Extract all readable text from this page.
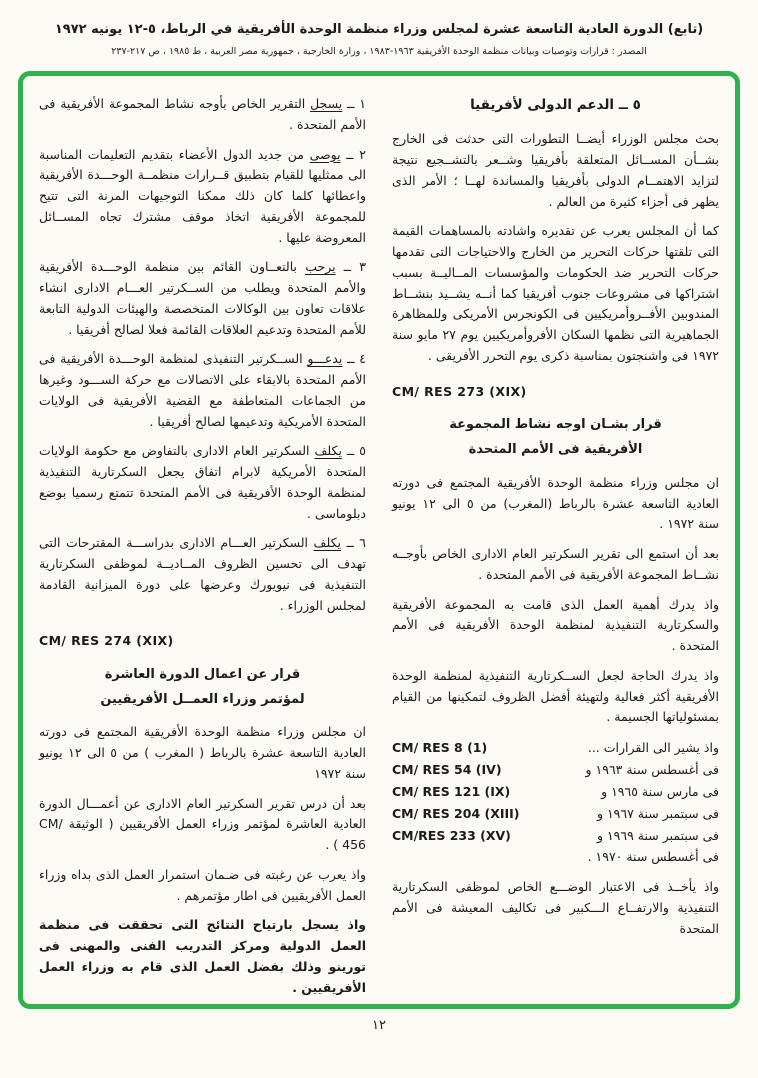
(تابع) الدورة العادية التاسعة عشرة لمجلس وزراء منظمة الوحدة الأفريقية في الرباط، ٥-١٢ يونيه ١٩٧٢
المصدر : قرارات وتوصيات وبيانات منظمة الوحدة الأفريقية ١٩٦٣-١٩٨٣ ، وزارة الخارجية ، جمهورية مصر العربية ، ط ١٩٨٥ ، ص ٢١٧-٢٣٧
٥ ــ الدعم الدولى لأفريقيا

بحث مجلس الوزراء أيضــا التطورات التى حدثت فى الخارج بشــأن المســائل المتعلقة بأفريقيا وشــعر بالتشــجيع نتيجة لتزايد الاهتمــام الدولى بأفريقيا والمساندة لهــا ؛ الأمر الذى يظهر فى أجزاء كثيرة من العالم .

كما أن المجلس يعرب عن تقديره واشادته بالمساهمات القيمة التى تلقتها حركات التحرير من الخارج والاحتياجات التى تقدمها حركات التحرير ضد الحكومات والمؤسسات المــاليــة بسبب اشتراكها فى مشروعات جنوب أفريقيا كما أنــه يشــيد بنشــاط المندوبين الأفــروأمريكيين فى الكونجرس الأمريكى وللمظاهرة الجماهيرية التى نظمها السكان الأفروأمريكيين يوم ٢٧ مايو سنة ١٩٧٢ فى واشنجتون بمناسبة ذكرى يوم التحرر الأفريقى .

CM/ RES 273 (XIX)
قرار بشـان اوجه نشاط المجموعة
الأفريقية فى الأمم المتحدة

ان مجلس وزراء منظمة الوحدة الأفريقية المجتمع فى دورته العادية التاسعة عشرة بالرباط (المغرب) من ٥ الى ١٢ يونيو سنة ١٩٧٢ .

بعد أن استمع الى تقرير السكرتير العام الادارى الخاص بأوجــه نشــاط المجموعة الأفريقية فى الأمم المتحدة .

واذ يدرك أهمية العمل الذى قامت به المجموعة الأفريقية والسكرتارية التنفيذية لمنظمة الوحدة الأفريقية فى الأمم المتحدة .

واذ يدرك الحاجة لجعل الســكرتارية التنفيذية لمنظمة الوحدة الأفريقية أكثر فعالية ولتهيئة أفضل الظروف لتمكينها من القيام بمسئولياتها الجسيمة .

واذ يشير الى القرارات ...
CM/ RES 8 (1)
فى أغسطس سنة ١٩٦٣ و
CM/ RES 54 (IV)
فى مارس سنة ١٩٦٥ و
CM/ RES 121 (IX)
فى سبتمبر سنة ١٩٦٧ و
CM/ RES 204 (XIII)
فى سبتمبر سنة ١٩٦٩ و
CM/RES 233 (XV)
فى أغسطس سنة ١٩٧٠ .

واذ يأخــذ فى الاعتبار الوضـــع الخاص لموظفى السكرتارية التنفيذية والارتفــاع الـــكبير فى تكاليف المعيشة فى الأمم المتحدة

١ ــ يسجل التقرير الخاص بأوجه نشاط المجموعة الأفريقية فى الأمم المتحدة .

٢ ــ يوصى من جديد الدول الأعضاء بتقديم التعليمات المناسبة الى ممثليها للقيام بتطبيق قــرارات منظمــة الوحـــدة الأفريقية واعطائها كلما كان ذلك ممكنا التوجيهات المرنة التى تتيح للمجموعة الأفريقية اتخاذ موقف مشترك تجاه المســائل المعروضة عليها .

٣ ــ يرحب بالتعــاون القائم بين منظمة الوحـــدة الأفريقية والأمم المتحدة ويطلب من الســكرتير العـــام الادارى انشاء علاقات تعاون بين الوكالات المتخصصة والهيئات الدولية التابعة للأمم المتحدة وتدعيم العلاقات القائمة فعلا لصالح أفريقيا .

٤ ــ يدعـــو الســكرتير التنفيذى لمنظمة الوحـــدة الأفريقية فى الأمم المتحدة بالابقاء على الاتصالات مع حركة الســـود وغيرها من الجماعات المتعاطفة مع القضية الأفريقية فى الولايات المتحدة الأمريكية وتدعيمها لصالح أفريقيا .

٥ ــ يكلف السكرتير العام الادارى بالتفاوض مع حكومة الولايات المتحدة الأمريكية لابرام اتفاق يجعل السكرتارية التنفيذية لمنظمة الوحدة الأفريقية فى الأمم المتحدة تتمتع رسميا بوضع دبلوماسى .

٦ ــ يكلف السكرتير العـــام الادارى بدراســـة المقترحات التى تهدف الى تحسين الظروف المــاديــة لموظفى السكرتارية التنفيذية فى نيويورك وعرضها على دورة الميزانية القادمة لمجلس الوزراء .

CM/ RES 274 (XIX)
قرار عن اعمال الدورة العاشرة
لمؤتمر وزراء العمــل الأفريقيين

ان مجلس وزراء منظمة الوحدة الأفريقية المجتمع فى دورته العادية التاسعة عشرة بالرباط ( المغرب ) من ٥ الى ١٢ يونيو سنة ١٩٧٢

بعد أن درس تقرير السكرتير العام الادارى عن أعمـــال الدورة العادية العاشرة لمؤتمر وزراء العمل الأفريقيين ( الوثيقة CM/ 456 ) .

واذ يعرب عن رغبته فى ضـمان استمرار العمل الذى بداه وزراء العمل الأفريقيين فى اطار مؤتمرهم .

واذ يسجل بارتياح النتائج التى تحققت فى منظمة العمل الدولية ومركز التدريب الفنى والمهنى فى تورينو وذلك بفضل العمل الذى قام به وزراء العمل الأفريقيين .

١٢
